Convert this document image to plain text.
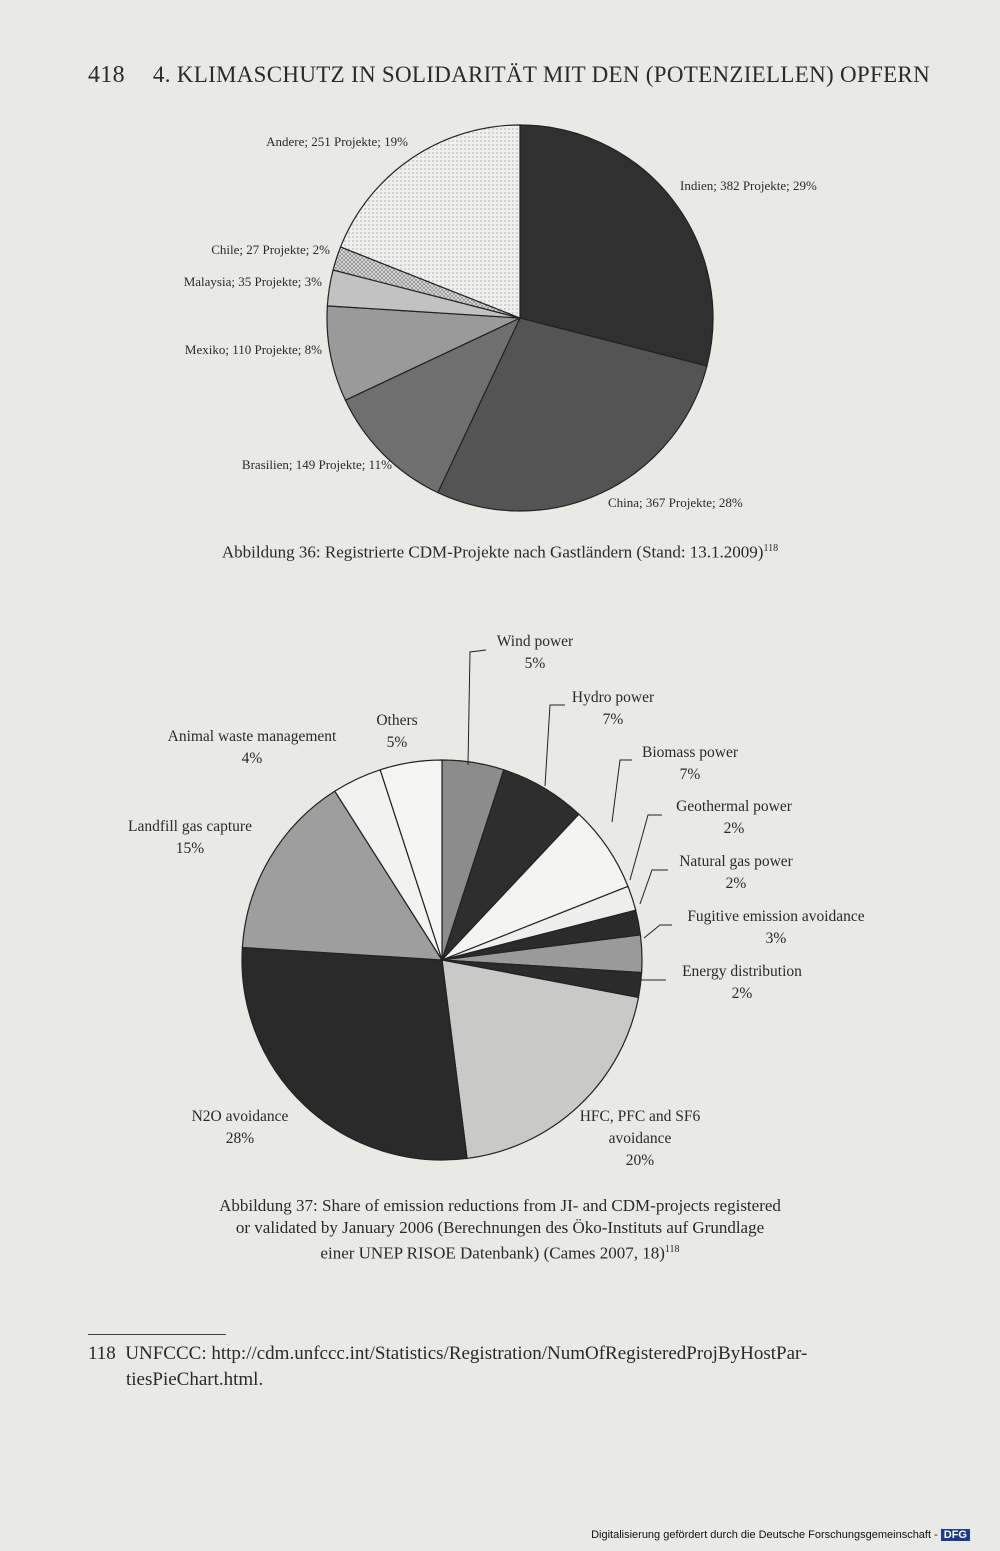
418 4. KLIMASCHUTZ IN SOLIDARITÄT MIT DEN (POTENZIELLEN) OPFERN
Indien; 382 Projekte; 29%
China; 367 Projekte; 28%
Brasilien; 149 Projekte; 11%
Mexiko; 110 Projekte; 8%
Malaysia; 35 Projekte; 3%
Chile; 27 Projekte; 2%
Andere; 251 Projekte; 19%
Abbildung 36: Registrierte CDM-Projekte nach Gastländern (Stand: 13.1.2009)$^{118}$
Wind power 5%
Hydro power 7%
Biomass power 7%
Geothermal power 2%
Natural gas power 2%
Fugitive emission avoidance 3%
Energy distribution 2%
HFC, PFC and SF6 avoidance 20%
N2O avoidance 28%
Landfill gas capture 15%
Animal waste management 4%
Others 5%
Abbildung 37: Share of emission reductions from JI- and CDM-projects registered
or validated by January 2006 (Berechnungen des Öko-Instituts auf Grundlage
einer UNEP RISOE Datenbank) (Cames 2007, 18)$^{118}$
118 UNFCCC: http://cdm.unfccc.int/Statistics/Registration/NumOfRegisteredProjByHostPar-
tiesPieChart.html.
Digitalisierung gefördert durch die Deutsche Forschungsgemeinschaft - DFG
